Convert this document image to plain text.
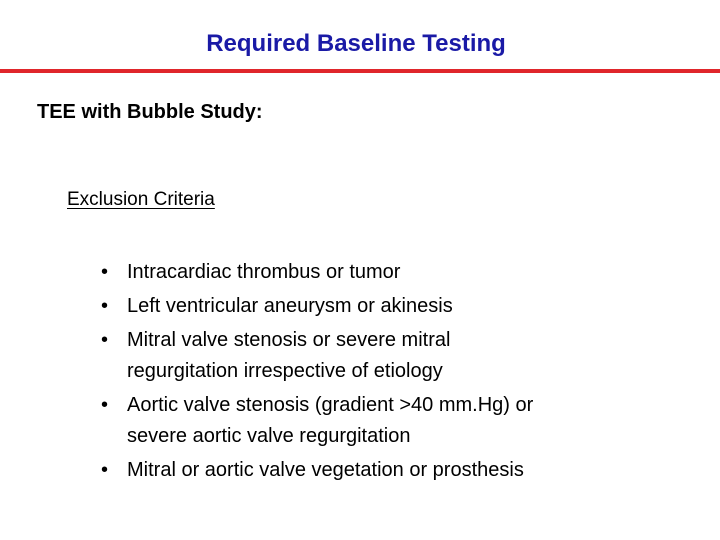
Required Baseline Testing
TEE with Bubble Study:
Exclusion Criteria
• Intracardiac thrombus or tumor
• Left ventricular aneurysm or akinesis
• Mitral valve stenosis or severe mitral
regurgitation irrespective of etiology
• Aortic valve stenosis (gradient >40 mm.Hg) or
severe aortic valve regurgitation
• Mitral or aortic valve vegetation or prosthesis
